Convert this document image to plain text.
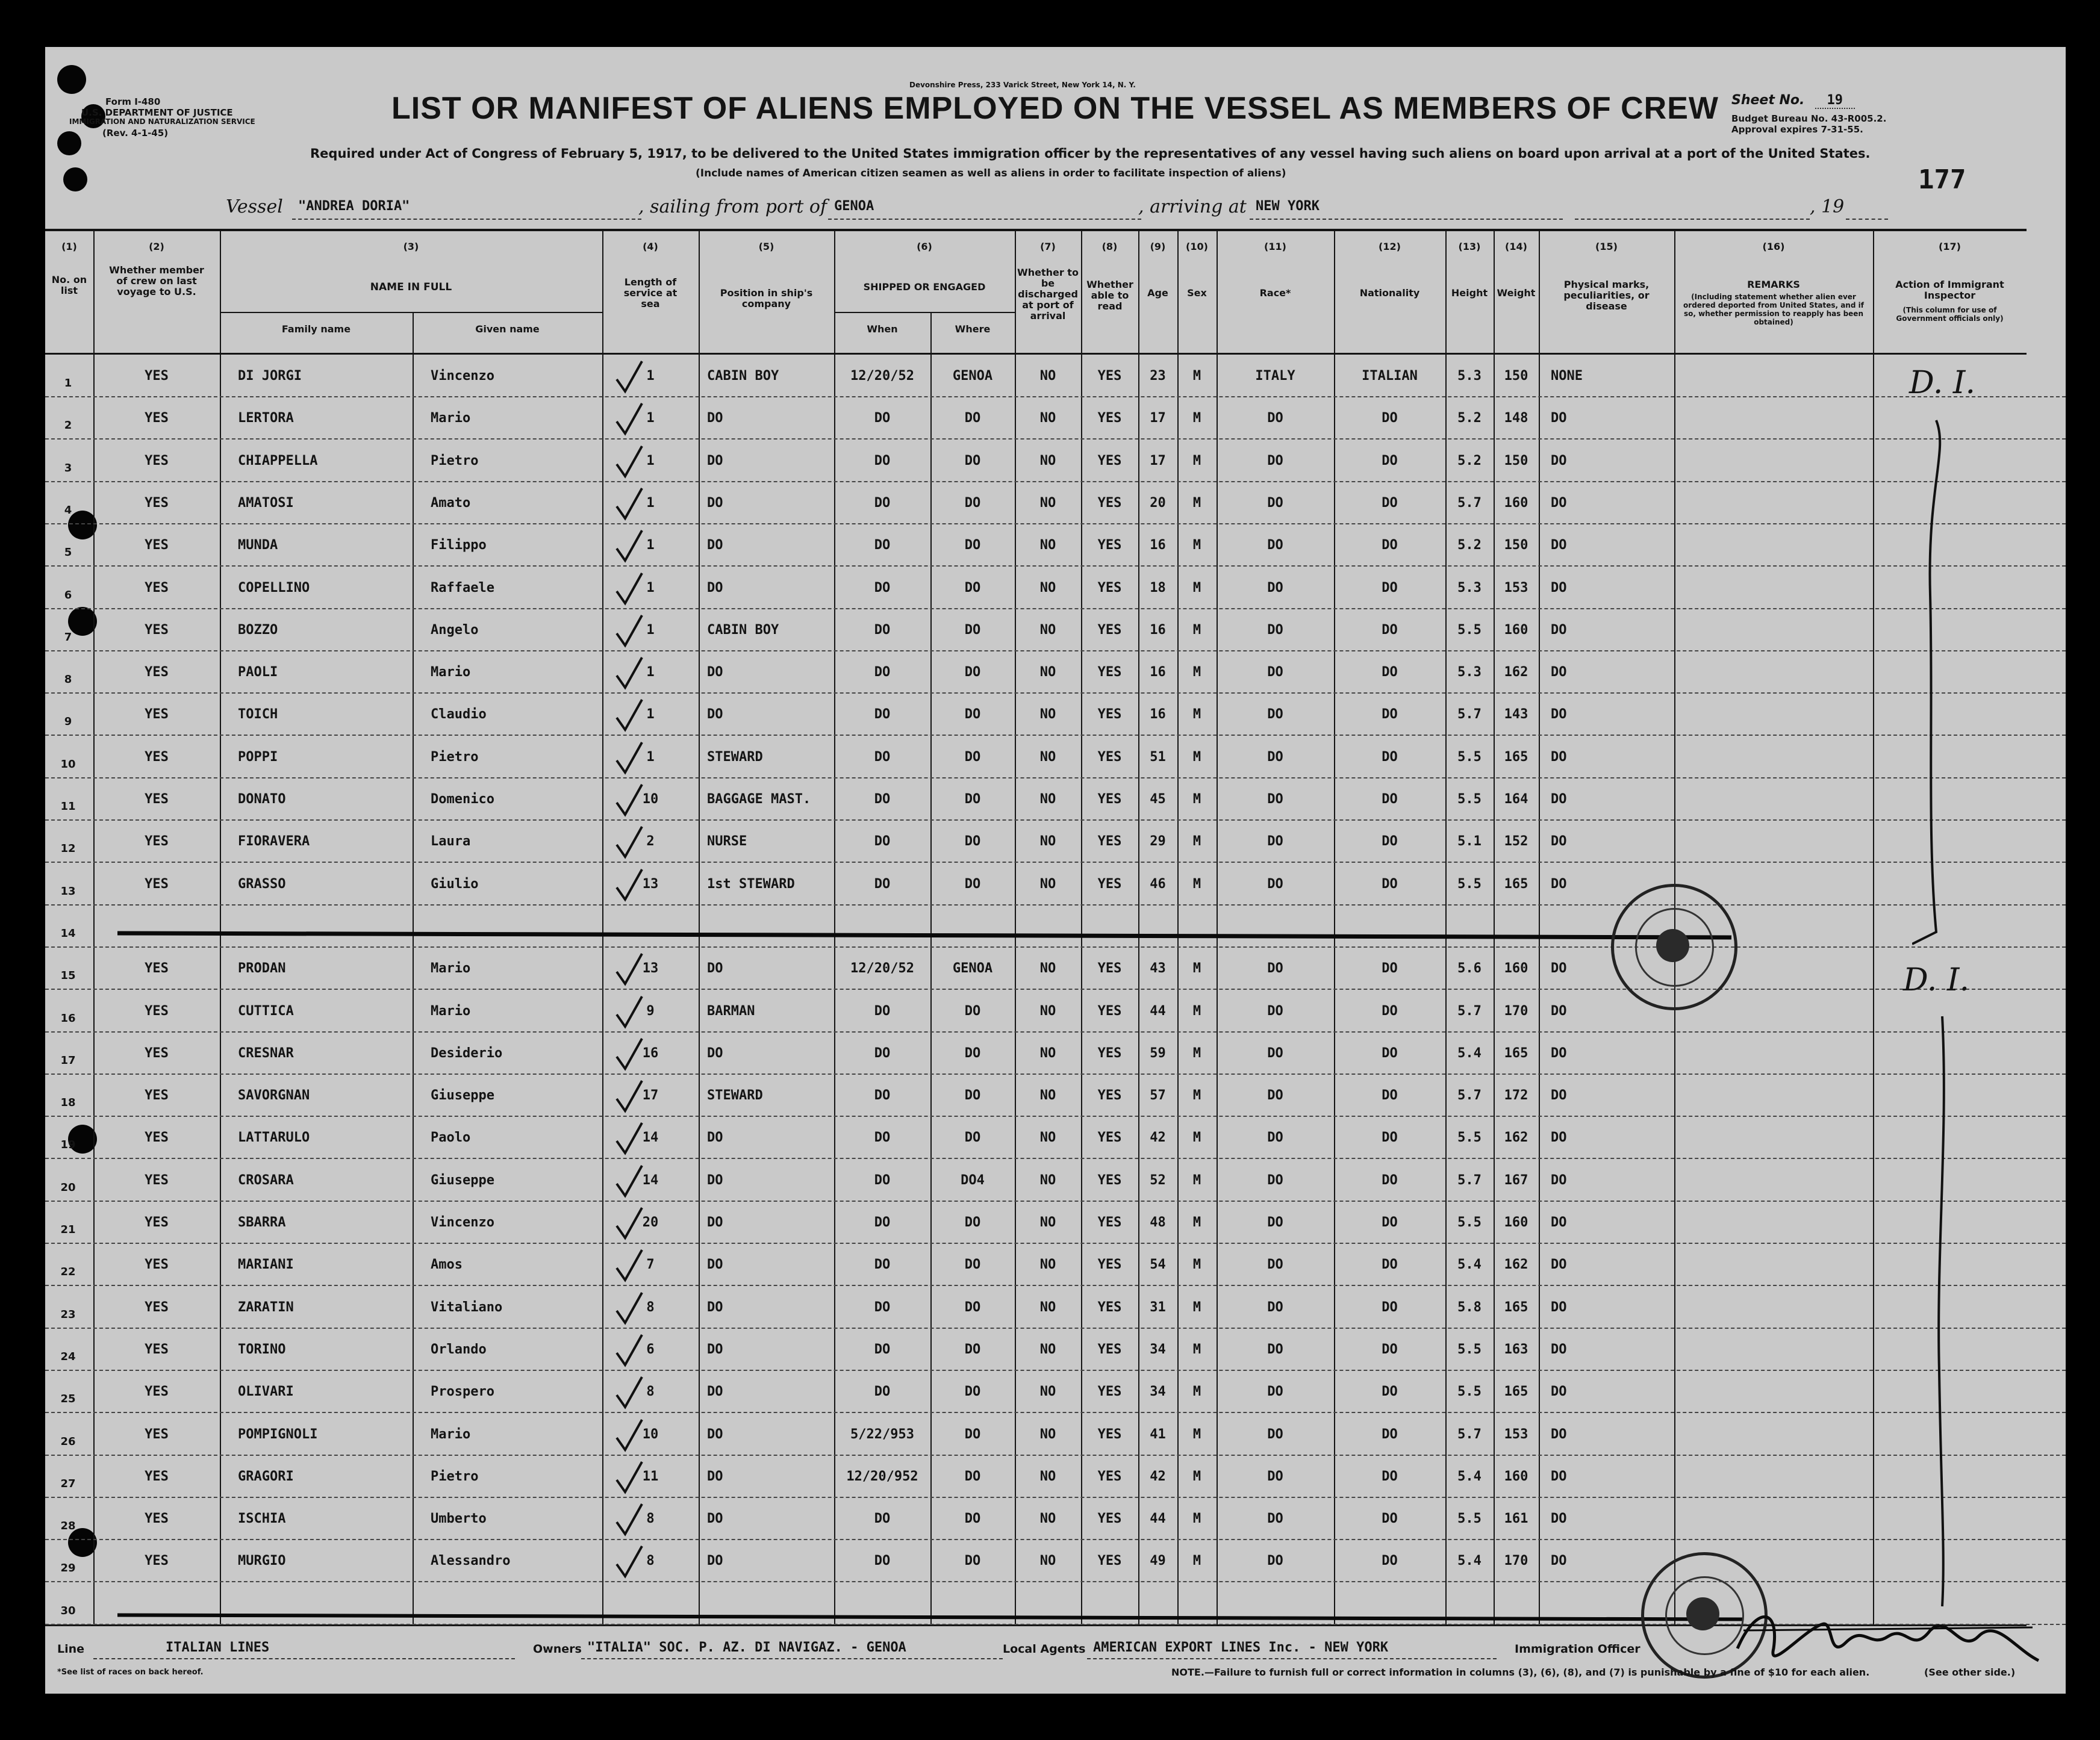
Form I-480
U.S. DEPARTMENT OF JUSTICE
IMMIGRATION AND NATURALIZATION SERVICE
(Rev. 4-1-45)
Devonshire Press, 233 Varick Street, New York 14, N. Y.
LIST OR MANIFEST OF ALIENS EMPLOYED ON THE VESSEL AS MEMBERS OF CREW Sheet No. 19
Budget Bureau No. 43-R005.2.
Approval expires 7-31-55.
Required under Act of Congress of February 5, 1917, to be delivered to the United States immigration officer by the representatives of any vessel having such aliens on board upon arrival at a port of the United States.
(Include names of American citizen seamen as well as aliens in order to facilitate inspection of aliens)	177
Vessel "ANDREA DORIA"	, sailing from port of GENOA	, arriving at NEW YORK	, 19
(1)	(2)	(3)	(4)	(5)	(6)	(7)	(8)	(9)	(10)	(11)	(12)	(13)	(14)	(15)	(16)	(17)
No. on list
Whether member of crew on last voyage to U.S.	NAME IN FULL
Family name	Given name
Length of service at sea
Position in ship's company
SHIPPED OR ENGAGED
When	Where
Whether to be discharged at port of arrival
Whether able to read
Age	Sex	Race*	Nationality	Height Weight
Physical marks, peculiarities, or disease
REMARKS
(Including statement whether alien ever ordered deported from United States, and if so, whether permission to reapply has been obtained)
Action of Immigrant Inspector
(This column for use of Government officials only)
1	YES	DI JORGI	Vincenzo	1	CABIN BOY	12/20/52	GENOA	NO	YES	23	M	ITALY	ITALIAN	5.3	150	NONE
2	YES	LERTORA	Mario	1	DO	DO	DO	NO	YES	17	M	DO	DO	5.2	148	DO
3	YES	CHIAPPELLA	Pietro	1	DO	DO	DO	NO	YES	17	M	DO	DO	5.2	150	DO
4	YES	AMATOSI	Amato	1	DO	DO	DO	NO	YES	20	M	DO	DO	5.7	160	DO
5	YES	MUNDA	Filippo	1	DO	DO	DO	NO	YES	16	M	DO	DO	5.2	150	DO
6	YES	COPELLINO	Raffaele	1	DO	DO	DO	NO	YES	18	M	DO	DO	5.3	153	DO
7	YES	BOZZO	Angelo	1	CABIN BOY	DO	DO	NO	YES	16	M	DO	DO	5.5	160	DO
8	YES	PAOLI	Mario	1	DO	DO	DO	NO	YES	16	M	DO	DO	5.3	162	DO
9	YES	TOICH	Claudio	1	DO	DO	DO	NO	YES	16	M	DO	DO	5.7	143	DO
10	YES	POPPI	Pietro	1	STEWARD	DO	DO	NO	YES	51	M	DO	DO	5.5	165	DO
11	YES	DONATO	Domenico	10	BAGGAGE MAST.	DO	DO	NO	YES	45	M	DO	DO	5.5	164	DO
12	YES	FIORAVERA	Laura	2	NURSE	DO	DO	NO	YES	29	M	DO	DO	5.1	152	DO
13	YES	GRASSO	Giulio	13	1st STEWARD	DO	DO	NO	YES	46	M	DO	DO	5.5	165	DO
14
15	YES	PRODAN	Mario	13	DO	12/20/52	GENOA	NO	YES	43	M	DO	DO	5.6	160	DO
16	YES	CUTTICA	Mario	9	BARMAN	DO	DO	NO	YES	44	M	DO	DO	5.7	170	DO
17	YES	CRESNAR	Desiderio	16	DO	DO	DO	NO	YES	59	M	DO	DO	5.4	165	DO
18	YES	SAVORGNAN	Giuseppe	17	STEWARD	DO	DO	NO	YES	57	M	DO	DO	5.7	172	DO
19	YES	LATTARULO	Paolo	14	DO	DO	DO	NO	YES	42	M	DO	DO	5.5	162	DO
20	YES	CROSARA	Giuseppe	14	DO	DO	DO4	NO	YES	52	M	DO	DO	5.7	167	DO
21	YES	SBARRA	Vincenzo	20	DO	DO	DO	NO	YES	48	M	DO	DO	5.5	160	DO
22	YES	MARIANI	Amos	7	DO	DO	DO	NO	YES	54	M	DO	DO	5.4	162	DO
23	YES	ZARATIN	Vitaliano	8	DO	DO	DO	NO	YES	31	M	DO	DO	5.8	165	DO
24	YES	TORINO	Orlando	6	DO	DO	DO	NO	YES	34	M	DO	DO	5.5	163	DO
25	YES	OLIVARI	Prospero	8	DO	DO	DO	NO	YES	34	M	DO	DO	5.5	165	DO
26	YES	POMPIGNOLI	Mario	10	DO	5/22/953	DO	NO	YES	41	M	DO	DO	5.7	153	DO
27	YES	GRAGORI	Pietro	11	DO	12/20/952	DO	NO	YES	42	M	DO	DO	5.4	160	DO
28	YES	ISCHIA	Umberto	8	DO	DO	DO	NO	YES	44	M	DO	DO	5.5	161	DO
29	YES	MURGIO	Alessandro	8	DO	DO	DO	NO	YES	49	M	DO	DO	5.4	170	DO
30
D. I.
D. I.
Line	ITALIAN LINES	Owners "ITALIA" SOC. P. AZ. DI NAVIGAZ. - GENOA	Local Agents AMERICAN EXPORT LINES Inc. - NEW YORK	Immigration Officer
*See list of races on back hereof.	NOTE.—Failure to furnish full or correct information in columns (3), (6), (8), and (7) is punishable by a fine of $10 for each alien.	(See other side.)
